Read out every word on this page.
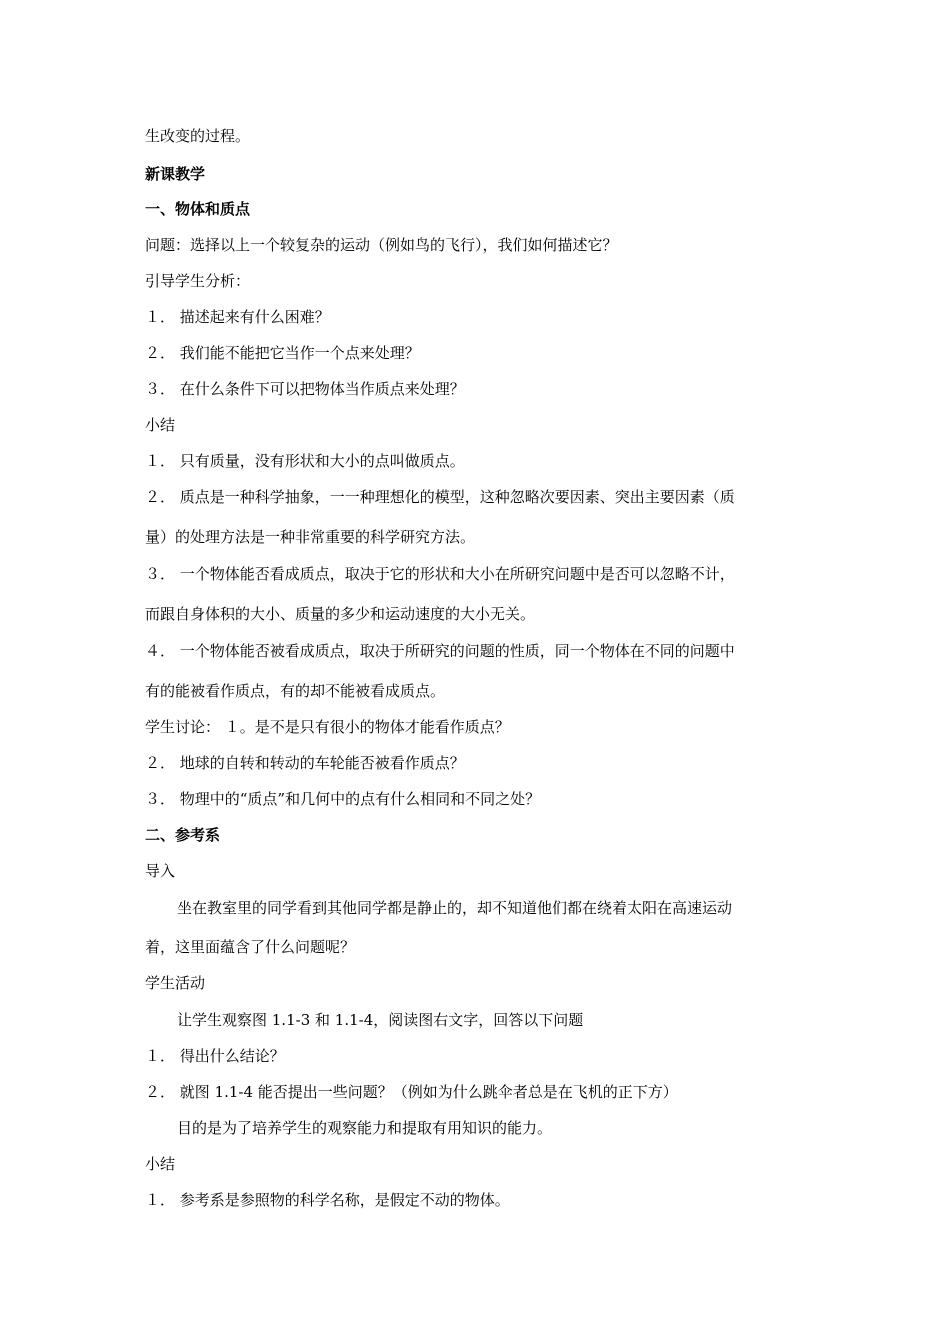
生改变的过程。
新课教学
一、物体和质点
问题：选择以上一个较复杂的运动（例如鸟的飞行），我们如何描述它？
引导学生分析：
１． 描述起来有什么困难？
２． 我们能不能把它当作一个点来处理？
３． 在什么条件下可以把物体当作质点来处理？
小结
１． 只有质量，没有形状和大小的点叫做质点。
２． 质点是一种科学抽象，一一种理想化的模型，这种忽略次要因素、突出主要因素（质
量）的处理方法是一种非常重要的科学研究方法。
３． 一个物体能否看成质点，取决于它的形状和大小在所研究问题中是否可以忽略不计，
而跟自身体积的大小、质量的多少和运动速度的大小无关。
４． 一个物体能否被看成质点，取决于所研究的问题的性质，同一个物体在不同的问题中
有的能被看作质点，有的却不能被看成质点。
学生讨论： １。是不是只有很小的物体才能看作质点？
２． 地球的自转和转动的车轮能否被看作质点？
３． 物理中的“质点”和几何中的点有什么相同和不同之处？
二、参考系
导入
坐在教室里的同学看到其他同学都是静止的，却不知道他们都在绕着太阳在高速运动
着，这里面蕴含了什么问题呢？
学生活动
让学生观察图 1.1-3 和 1.1-4，阅读图右文字，回答以下问题
１． 得出什么结论？
２． 就图 1.1-4 能否提出一些问题？（例如为什么跳伞者总是在飞机的正下方）
目的是为了培养学生的观察能力和提取有用知识的能力。
小结
１． 参考系是参照物的科学名称，是假定不动的物体。
